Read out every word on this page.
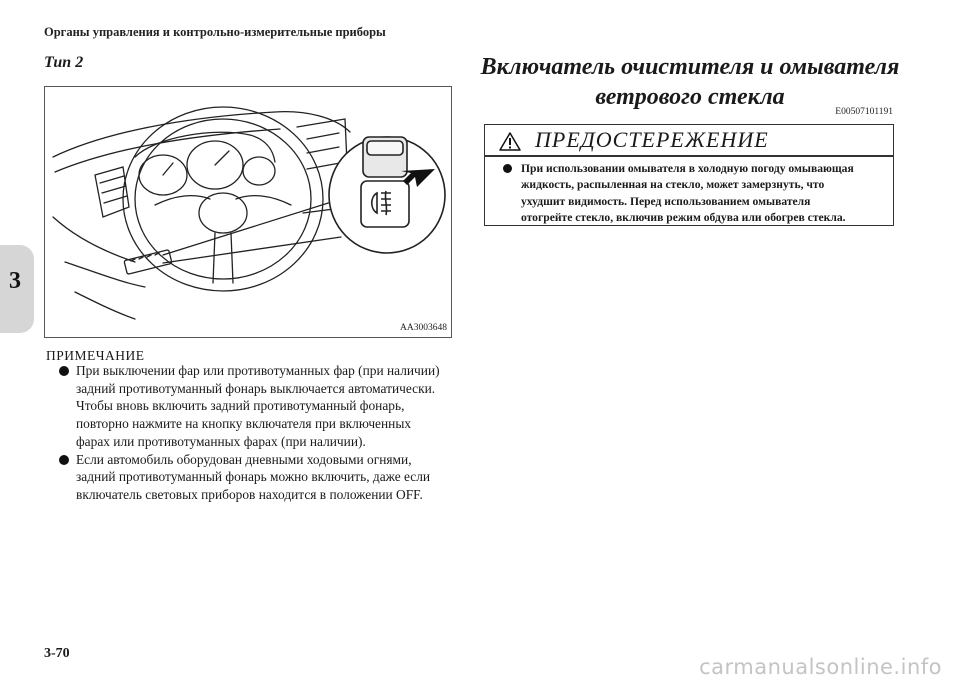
Органы управления и контрольно-измерительные приборы
3
Тип 2
AA3003648
ПРИМЕЧАНИЕ
При выключении фар или противотуманных фар (при наличии)
задний противотуманный фонарь выключается автоматически.
Чтобы вновь включить задний противотуманный фонарь,
повторно нажмите на кнопку включателя при включенных
фарах или противотуманных фарах (при наличии).
Если автомобиль оборудован дневными ходовыми огнями,
задний противотуманный фонарь можно включить, даже если
включатель световых приборов находится в положении OFF.
Включатель очистителя и омывателя
ветрового стекла
E00507101191
ПРЕДОСТЕРЕЖЕНИЕ
При использовании омывателя в холодную погоду омывающая
жидкость, распыленная на стекло, может замерзнуть, что
ухудшит видимость. Перед использованием омывателя
отогрейте стекло, включив режим обдува или обогрев стекла.
3-70
carmanualsonline.info
